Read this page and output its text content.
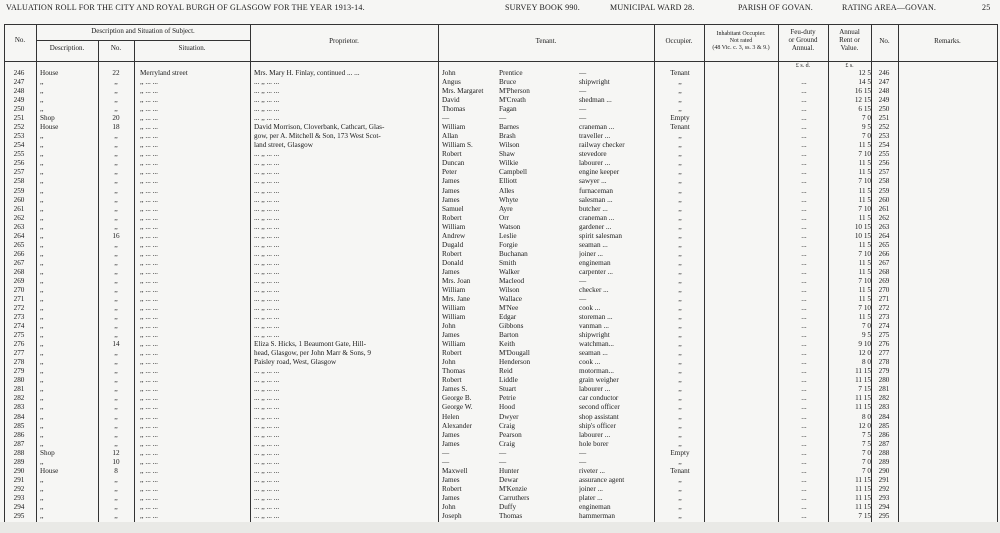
VALUATION ROLL FOR THE CITY AND ROYAL BURGH OF GLASGOW FOR THE YEAR 1913-14.	SURVEY BOOK 990.	MUNICIPAL WARD 28.	PARISH OF GOVAN.	RATING AREA—GOVAN.	25
No.
Description and Situation of Subject.
Description.	No.	Situation.
Proprietor.	Tenant.	Occupier.
Inhabitant Occupier.
Not rated
(48 Vic. c. 3, ss. 3 & 9.)
Feu-duty
or Ground
Annual.
Annual
Rent or
Value.
No.	Remarks.
£ s. d.	£ s.
246	House	22	Merryland street	Mrs. Mary H. Finlay, continued ... ...	John	Prentice	—	Tenant	12 5	246
247	,,	,,	,, ... ...	... ,, ... ...	Angus	Bruce	shipwright	,,	...	14 5	247
248	,,	,,	,, ... ...	... ,, ... ...	Mrs. Margaret	M'Pherson	—	,,	...	16 15	248
249	,,	,,	,, ... ...	... ,, ... ...	David	M'Creath	shedman ...	,,	...	12 15	249
250	,,	,,	,, ... ...	... ,, ... ...	Thomas	Fagan	—	,,	...	6 15	250
251	Shop	20	,, ... ...	... ,, ... ...	—	—	—	Empty	...	7 0	251
252	House	18	,, ... ...	David Morrison, Cloverbank, Cathcart, Glas-	William	Barnes	craneman ...	Tenant	...	9 5	252
253	,,	,,	,, ... ...	gow, per A. Mitchell & Son, 173 West Scot-	Allan	Brash	traveller ...	,,	...	7 0	253
254	,,	,,	,, ... ...	land street, Glasgow	William S.	Wilson	railway checker	,,	...	11 5	254
255	,,	,,	,, ... ...	... ,, ... ...	Robert	Shaw	stevedore	,,	...	7 10	255
256	,,	,,	,, ... ...	... ,, ... ...	Duncan	Wilkie	labourer ...	,,	...	11 5	256
257	,,	,,	,, ... ...	... ,, ... ...	Peter	Campbell	engine keeper	,,	...	11 5	257
258	,,	,,	,, ... ...	... ,, ... ...	James	Elliott	sawyer ...	,,	...	7 10	258
259	,,	,,	,, ... ...	... ,, ... ...	James	Alles	furnaceman	,,	...	11 5	259
260	,,	,,	,, ... ...	... ,, ... ...	James	Whyte	salesman ...	,,	...	11 5	260
261	,,	,,	,, ... ...	... ,, ... ...	Samuel	Ayre	butcher ...	,,	...	7 10	261
262	,,	,,	,, ... ...	... ,, ... ...	Robert	Orr	craneman ...	,,	...	11 5	262
263	,,	,,	,, ... ...	... ,, ... ...	William	Watson	gardener ...	,,	...	10 15	263
264	,,	16	,, ... ...	... ,, ... ...	Andrew	Leslie	spirit salesman	,,	...	10 15	264
265	,,	,,	,, ... ...	... ,, ... ...	Dugald	Forgie	seaman ...	,,	...	11 5	265
266	,,	,,	,, ... ...	... ,, ... ...	Robert	Buchanan	joiner ...	,,	...	7 10	266
267	,,	,,	,, ... ...	... ,, ... ...	Donald	Smith	engineman	,,	...	11 5	267
268	,,	,,	,, ... ...	... ,, ... ...	James	Walker	carpenter ...	,,	...	11 5	268
269	,,	,,	,, ... ...	... ,, ... ...	Mrs. Joan	Macleod	—	,,	...	7 10	269
270	,,	,,	,, ... ...	... ,, ... ...	William	Wilson	checker ...	,,	...	11 5	270
271	,,	,,	,, ... ...	... ,, ... ...	Mrs. Jane	Wallace	—	,,	...	11 5	271
272	,,	,,	,, ... ...	... ,, ... ...	William	M'Nee	cook ...	,,	...	7 10	272
273	,,	,,	,, ... ...	... ,, ... ...	William	Edgar	storeman ...	,,	...	11 5	273
274	,,	,,	,, ... ...	... ,, ... ...	John	Gibbons	vanman ...	,,	...	7 0	274
275	,,	,,	,, ... ...	... ,, ... ...	James	Barton	shipwright	,,	...	9 5	275
276	,,	14	,, ... ...	Eliza S. Hicks, 1 Beaumont Gate, Hill-	William	Keith	watchman...	,,	...	9 10	276
277	,,	,,	,, ... ...	head, Glasgow, per John Marr & Sons, 9	Robert	M'Dougall	seaman ...	,,	...	12 0	277
278	,,	,,	,, ... ...	Paisley road, West, Glasgow	John	Henderson	cook ...	,,	...	8 0	278
279	,,	,,	,, ... ...	... ,, ... ...	Thomas	Reid	motorman...	,,	...	11 15	279
280	,,	,,	,, ... ...	... ,, ... ...	Robert	Liddle	grain weigher	,,	...	11 15	280
281	,,	,,	,, ... ...	... ,, ... ...	James S.	Stuart	labourer ...	,,	...	7 15	281
282	,,	,,	,, ... ...	... ,, ... ...	George B.	Petrie	car conductor	,,	...	11 15	282
283	,,	,,	,, ... ...	... ,, ... ...	George W.	Hood	second officer	,,	...	11 15	283
284	,,	,,	,, ... ...	... ,, ... ...	Helen	Dwyer	shop assistant	,,	...	8 0	284
285	,,	,,	,, ... ...	... ,, ... ...	Alexander	Craig	ship's officer	,,	...	12 0	285
286	,,	,,	,, ... ...	... ,, ... ...	James	Pearson	labourer ...	,,	...	7 5	286
287	,,	,,	,, ... ...	... ,, ... ...	James	Craig	hole borer	,,	...	7 5	287
288	Shop	12	,, ... ...	... ,, ... ...	—	—	—	Empty	...	7 0	288
289	,,	10	,, ... ...	... ,, ... ...	—	—	—	,,	...	7 0	289
290	House	8	,, ... ...	... ,, ... ...	Maxwell	Hunter	riveter ...	Tenant	...	7 0	290
291	,,	,,	,, ... ...	... ,, ... ...	James	Dewar	assurance agent	,,	...	11 15	291
292	,,	,,	,, ... ...	... ,, ... ...	Robert	M'Kenzie	joiner ...	,,	...	11 15	292
293	,,	,,	,, ... ...	... ,, ... ...	James	Carruthers	plater ...	,,	...	11 15	293
294	,,	,,	,, ... ...	... ,, ... ...	John	Duffy	engineman	,,	...	11 15	294
295	,,	,,	,, ... ...	... ,, ... ...	Joseph	Thomas	hammerman	,,	...	7 15	295
